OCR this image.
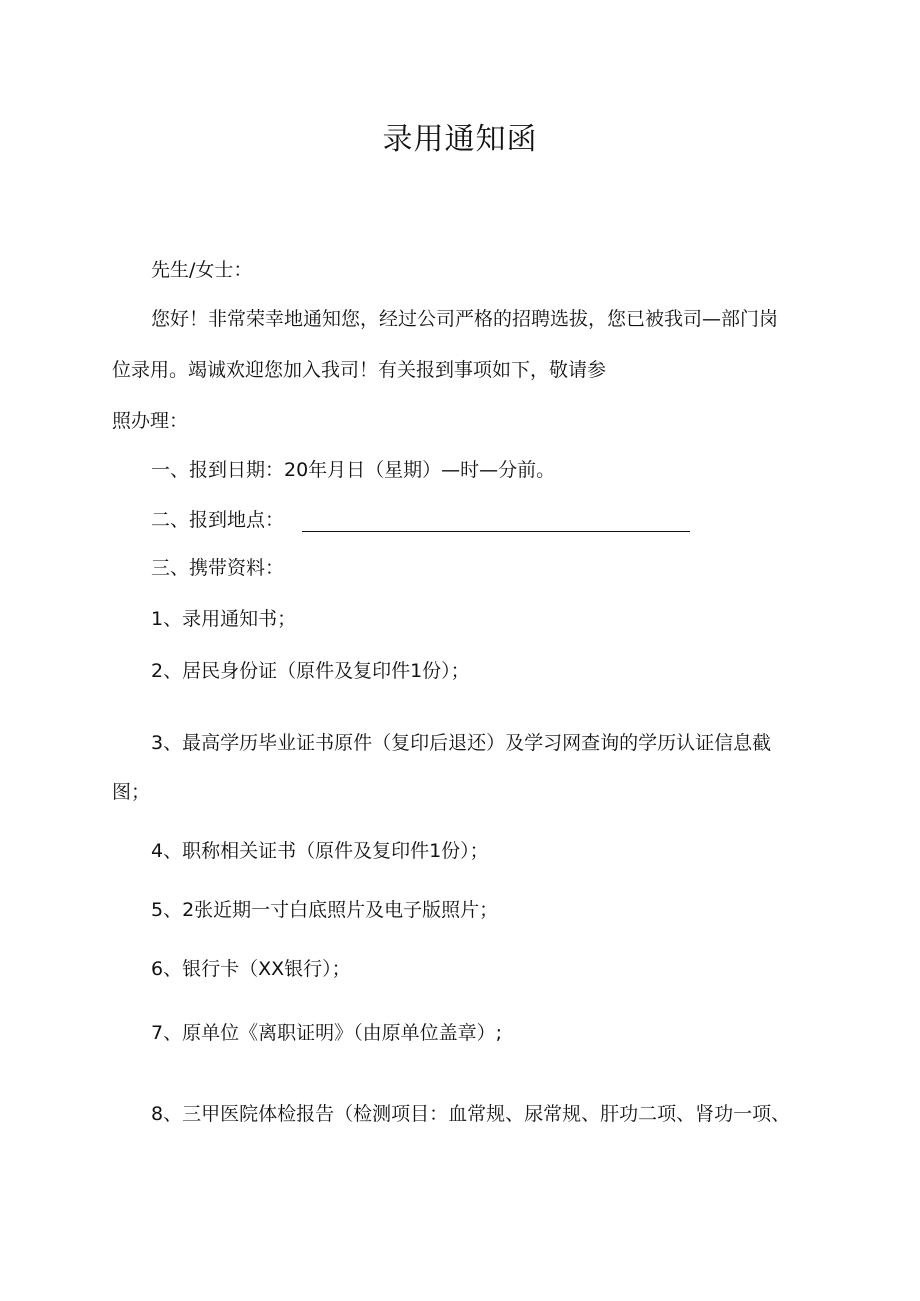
录用通知函

先生/女士：

您好！非常荣幸地通知您，经过公司严格的招聘选拔，您已被我司—部门岗

位录用。竭诚欢迎您加入我司！有关报到事项如下，敬请参

照办理：

一、报到日期：20年月日（星期）—时—分前。

二、报到地点：

三、携带资料：

1、录用通知书；

2、居民身份证（原件及复印件1份）；

3、最高学历毕业证书原件（复印后退还）及学习网查询的学历认证信息截

图；

4、职称相关证书（原件及复印件1份）；

5、2张近期一寸白底照片及电子版照片；

6、银行卡（XX银行）；

7、原单位《离职证明》（由原单位盖章）;

8、三甲医院体检报告（检测项目：血常规、尿常规、肝功二项、肾功一项、
